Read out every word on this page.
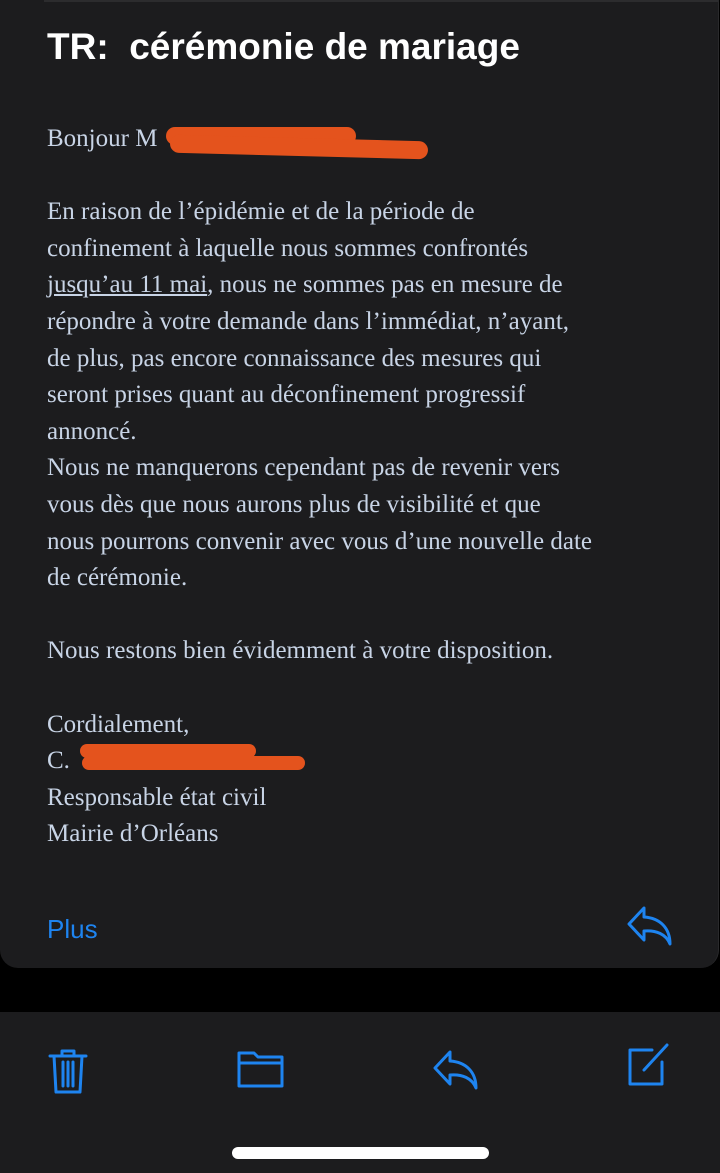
TR:  cérémonie de mariage
Bonjour M
En raison de l’épidémie et de la période de
confinement à laquelle nous sommes confrontés
jusqu’au 11 mai, nous ne sommes pas en mesure de
répondre à votre demande dans l’immédiat, n’ayant,
de plus, pas encore connaissance des mesures qui
seront prises quant au déconfinement progressif
annoncé.
Nous ne manquerons cependant pas de revenir vers
vous dès que nous aurons plus de visibilité et que
nous pourrons convenir avec vous d’une nouvelle date
de cérémonie.
Nous restons bien évidemment à votre disposition.
Cordialement,
C.
Responsable état civil
Mairie d’Orléans
Plus
